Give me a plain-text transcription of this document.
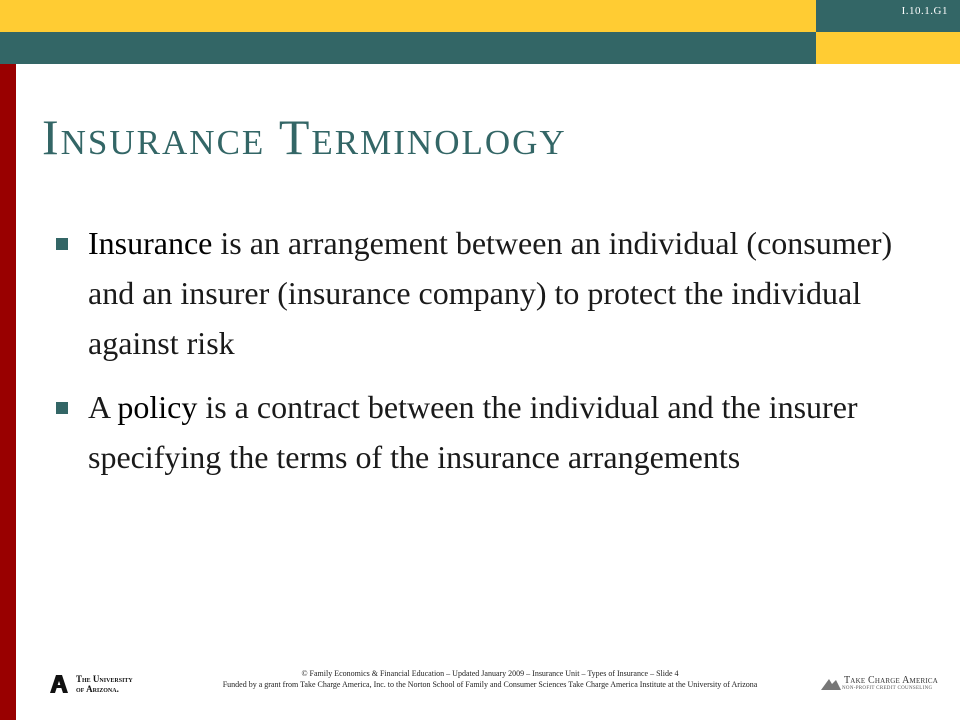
I.10.1.G1
Insurance Terminology
Insurance is an arrangement between an individual (consumer) and an insurer (insurance company) to protect the individual against risk
A policy is a contract between the individual and the insurer specifying the terms of the insurance arrangements
The University
of Arizona.
© Family Economics & Financial Education – Updated January 2009 – Insurance Unit – Types of Insurance – Slide 4
Funded by a grant from Take Charge America, Inc. to the Norton School of Family and Consumer Sciences Take Charge America Institute at the University of Arizona	Take Charge America
NON-PROFIT CREDIT COUNSELING
